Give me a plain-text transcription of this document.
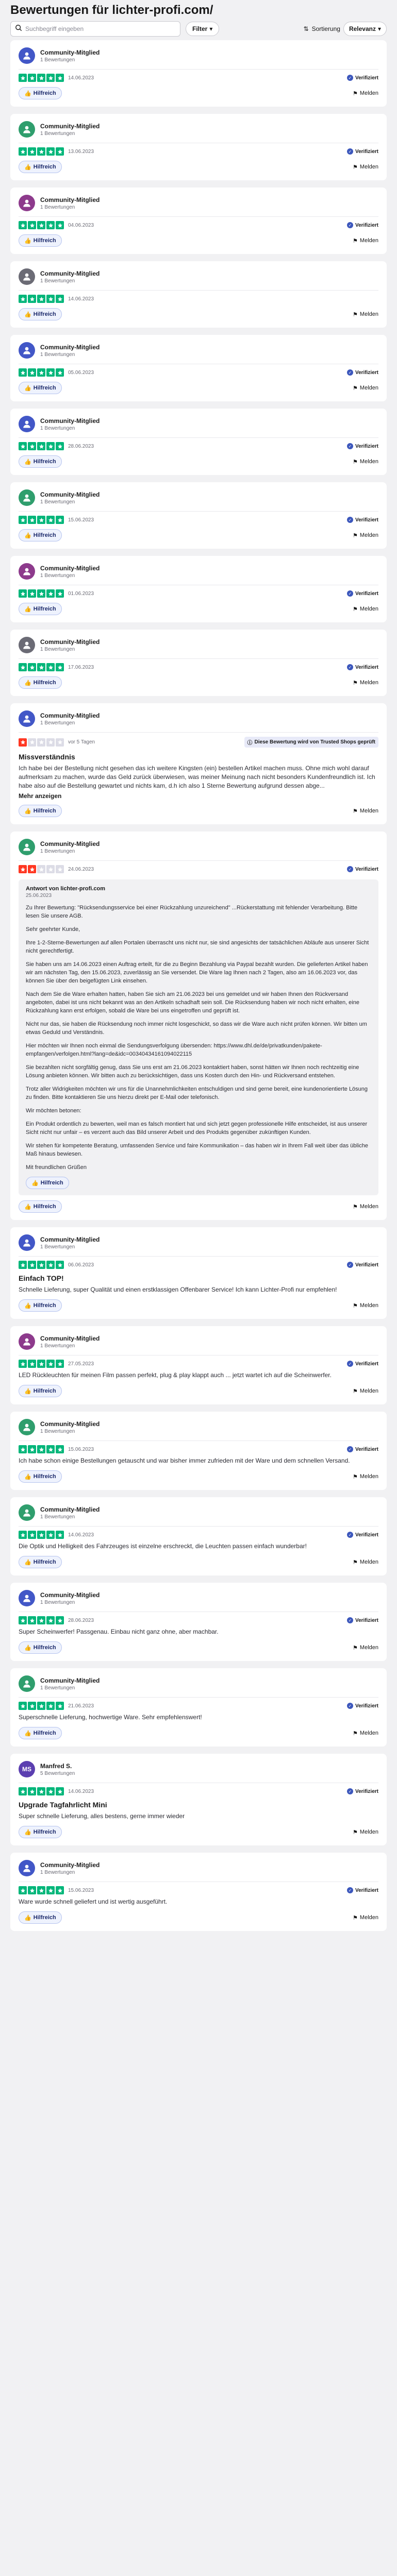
Bewertungen für lichter-profi.com/
Suchbegriff eingeben
Filter ▾	⇅ Sortierung Relevanz ▾
Community-Mitglied
1 Bewertungen
14.06.2023	✓ Verifiziert
👍 Hilfreich	⚑ Melden
Community-Mitglied
1 Bewertungen
13.06.2023	✓ Verifiziert
👍 Hilfreich	⚑ Melden
Community-Mitglied
1 Bewertungen
04.06.2023	✓ Verifiziert
👍 Hilfreich	⚑ Melden
Community-Mitglied
1 Bewertungen
14.06.2023
👍 Hilfreich	⚑ Melden
Community-Mitglied
1 Bewertungen
05.06.2023	✓ Verifiziert
👍 Hilfreich	⚑ Melden
Community-Mitglied
1 Bewertungen
28.06.2023	✓ Verifiziert
👍 Hilfreich	⚑ Melden
Community-Mitglied
1 Bewertungen
15.06.2023	✓ Verifiziert
👍 Hilfreich	⚑ Melden
Community-Mitglied
1 Bewertungen
01.06.2023	✓ Verifiziert
👍 Hilfreich	⚑ Melden
Community-Mitglied
1 Bewertungen
17.06.2023	✓ Verifiziert
👍 Hilfreich	⚑ Melden
Community-Mitglied
1 Bewertungen
vor 5 Tagen	ⓘ Diese Bewertung wird von Trusted Shops geprüft
Missverständnis
Ich habe bei der Bestellung nicht gesehen das ich weitere Kingsten (ein) bestellen Artikel machen muss. Ohne mich wohl darauf aufmerksam zu machen, wurde das Geld zurück überwiesen, was meiner Meinung nach nicht besonders Kundenfreundlich ist. Ich habe also auf die Bestellung gewartet und nichts kam, d.h ich also 1 Sterne Bewertung aufgrund dessen abge...
Mehr anzeigen
👍 Hilfreich	⚑ Melden
Community-Mitglied
1 Bewertungen
24.06.2023	✓ Verifiziert
Antwort von lichter-profi.com
25.06.2023

Zu Ihrer Bewertung: "Rücksendungsservice bei einer Rückzahlung unzureichend" ...Rückerstattung mit fehlender Verarbeitung. Bitte lesen Sie unsere AGB.

Sehr geehrter Kunde,

Ihre 1-2-Sterne-Bewertungen auf allen Portalen überrascht uns nicht nur, sie sind angesichts der tatsächlichen Abläufe aus unserer Sicht nicht gerechtfertigt.

Sie haben uns am 14.06.2023 einen Auftrag erteilt, für die zu Beginn Bezahlung via Paypal bezahlt wurden. Die gelieferten Artikel haben wir am nächsten Tag, den 15.06.2023, zuverlässig an Sie versendet. Die Ware lag Ihnen nach 2 Tagen, also am 16.06.2023 vor, das können Sie über den beigefügten Link einsehen.

Nach dem Sie die Ware erhalten hatten, haben Sie sich am 21.06.2023 bei uns gemeldet und wir haben Ihnen den Rückversand angeboten, dabei ist uns nicht bekannt was an den Artikeln schadhaft sein soll. Die Rücksendung haben wir noch nicht erhalten, eine Rückzahlung kann erst erfolgen, sobald die Ware bei uns eingetroffen und geprüft ist.

Nicht nur das, sie haben die Rücksendung noch immer nicht losgeschickt, so dass wir die Ware auch nicht prüfen können. Wir bitten um etwas Geduld und Verständnis.

Hier möchten wir Ihnen noch einmal die Sendungsverfolgung übersenden: https://www.dhl.de/de/privatkunden/pakete-empfangen/verfolgen.html?lang=de&idc=00340434161094022115

Sie bezahlten nicht sorgfältig genug, dass Sie uns erst am 21.06.2023 kontaktiert haben, sonst hätten wir Ihnen noch rechtzeitig eine Lösung anbieten können. Wir bitten auch zu berücksichtigen, dass uns Kosten durch den Hin- und Rückversand entstehen.

Trotz aller Widrigkeiten möchten wir uns für die Unannehmlichkeiten entschuldigen und sind gerne bereit, eine kundenorientierte Lösung zu finden. Bitte kontaktieren Sie uns hierzu direkt per E-Mail oder telefonisch.

Wir möchten betonen:

Ein Produkt ordentlich zu bewerten, weil man es falsch montiert hat und sich jetzt gegen professionelle Hilfe entscheidet, ist aus unserer Sicht nicht nur unfair – es verzerrt auch das Bild unserer Arbeit und des Produkts gegenüber zukünftigen Kunden.

Wir stehen für kompetente Beratung, umfassenden Service und faire Kommunikation – das haben wir in Ihrem Fall weit über das übliche Maß hinaus bewiesen.

Mit freundlichen Grüßen

👍 Hilfreich
👍 Hilfreich	⚑ Melden
Community-Mitglied
1 Bewertungen
06.06.2023	✓ Verifiziert
Einfach TOP!
Schnelle Lieferung, super Qualität und einen erstklassigen Offenbarer Service! Ich kann Lichter-Profi nur empfehlen!
👍 Hilfreich	⚑ Melden
Community-Mitglied
1 Bewertungen
27.05.2023	✓ Verifiziert
LED Rückleuchten für meinen Film passen perfekt, plug & play klappt auch ... jetzt wartet ich auf die Scheinwerfer.
👍 Hilfreich	⚑ Melden
Community-Mitglied
1 Bewertungen
15.06.2023	✓ Verifiziert
Ich habe schon einige Bestellungen getauscht und war bisher immer zufrieden mit der Ware und dem schnellen Versand.
👍 Hilfreich	⚑ Melden
Community-Mitglied
1 Bewertungen
14.06.2023	✓ Verifiziert
Die Optik und Helligkeit des Fahrzeuges ist einzelne erschreckt, die Leuchten passen einfach wunderbar!
👍 Hilfreich	⚑ Melden
Community-Mitglied
1 Bewertungen
28.06.2023	✓ Verifiziert
Super Scheinwerfer! Passgenau. Einbau nicht ganz ohne, aber machbar.
👍 Hilfreich	⚑ Melden
Community-Mitglied
1 Bewertungen
21.06.2023	✓ Verifiziert
Superschnelle Lieferung, hochwertige Ware. Sehr empfehlenswert!
👍 Hilfreich	⚑ Melden
MS	Manfred S.
5 Bewertungen
14.06.2023	✓ Verifiziert
Upgrade Tagfahrlicht Mini
Super schnelle Lieferung, alles bestens, gerne immer wieder
👍 Hilfreich	⚑ Melden
Community-Mitglied
1 Bewertungen
15.06.2023	✓ Verifiziert
Ware wurde schnell geliefert und ist wertig ausgeführt.
👍 Hilfreich	⚑ Melden
